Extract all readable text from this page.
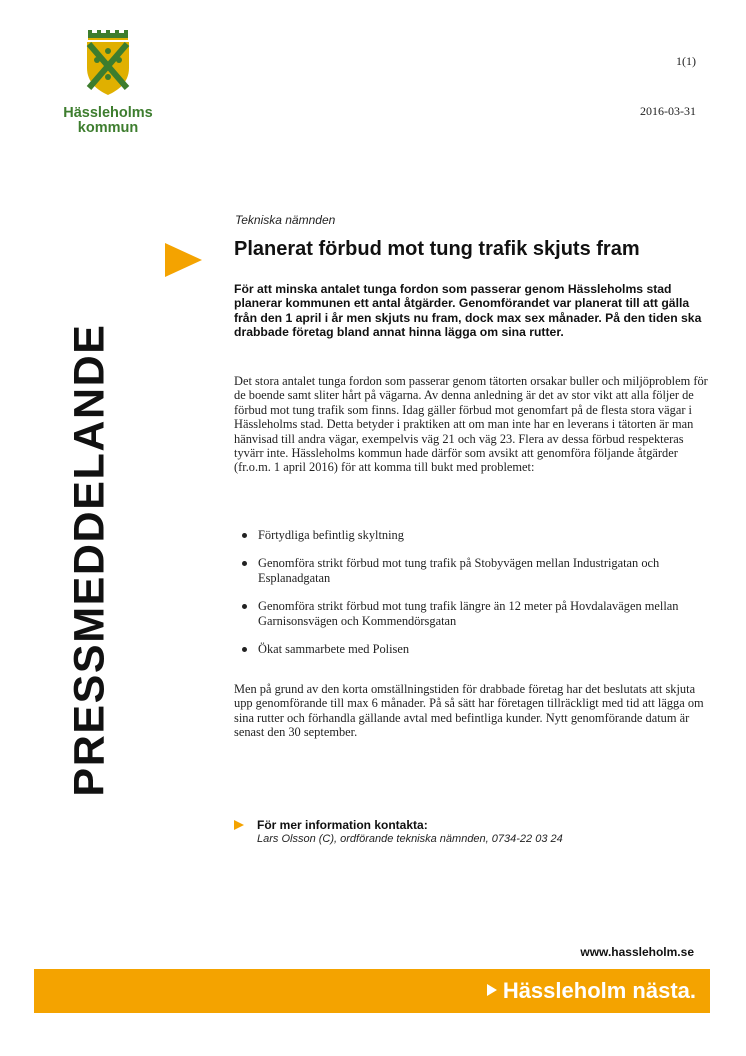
Hässleholms
kommun
1(1)
2016-03-31
PRESSMEDDELANDE
Tekniska nämnden
Planerat förbud mot tung trafik skjuts fram

För att minska antalet tunga fordon som passerar genom Hässleholms stad planerar kommunen ett antal åtgärder. Genomförandet var planerat till att gälla från den 1 april i år men skjuts nu fram, dock max sex månader. På den tiden ska drabbade företag bland annat hinna lägga om sina rutter.

Det stora antalet tunga fordon som passerar genom tätorten orsakar buller och miljöproblem för de boende samt sliter hårt på vägarna. Av denna anledning är det av stor vikt att alla följer de förbud mot tung trafik som finns. Idag gäller förbud mot genomfart på de flesta stora vägar i Hässleholms stad. Detta betyder i praktiken att om man inte har en leverans i tätorten är man hänvisad till andra vägar, exempelvis väg 21 och väg 23. Flera av dessa förbud respekteras tyvärr inte. Hässleholms kommun hade därför som avsikt att genomföra följande åtgärder (fr.o.m. 1 april 2016) för att komma till bukt med problemet:

Förtydliga befintlig skyltning
Genomföra strikt förbud mot tung trafik på Stobyvägen mellan Industrigatan och Esplanadgatan
Genomföra strikt förbud mot tung trafik längre än 12 meter på Hovdalavägen mellan Garnisonsvägen och Kommendörsgatan
Ökat sammarbete med Polisen

Men på grund av den korta omställningstiden för drabbade företag har det beslutats att skjuta upp genomförande till max 6 månader. På så sätt har företagen tillräckligt med tid att lägga om sina rutter och förhandla gällande avtal med befintliga kunder. Nytt genomförande datum är senast den 30 september.

För mer information kontakta:
Lars Olsson (C), ordförande tekniska nämnden, 0734-22 03 24
www.hassleholm.se
Hässleholm nästa.
